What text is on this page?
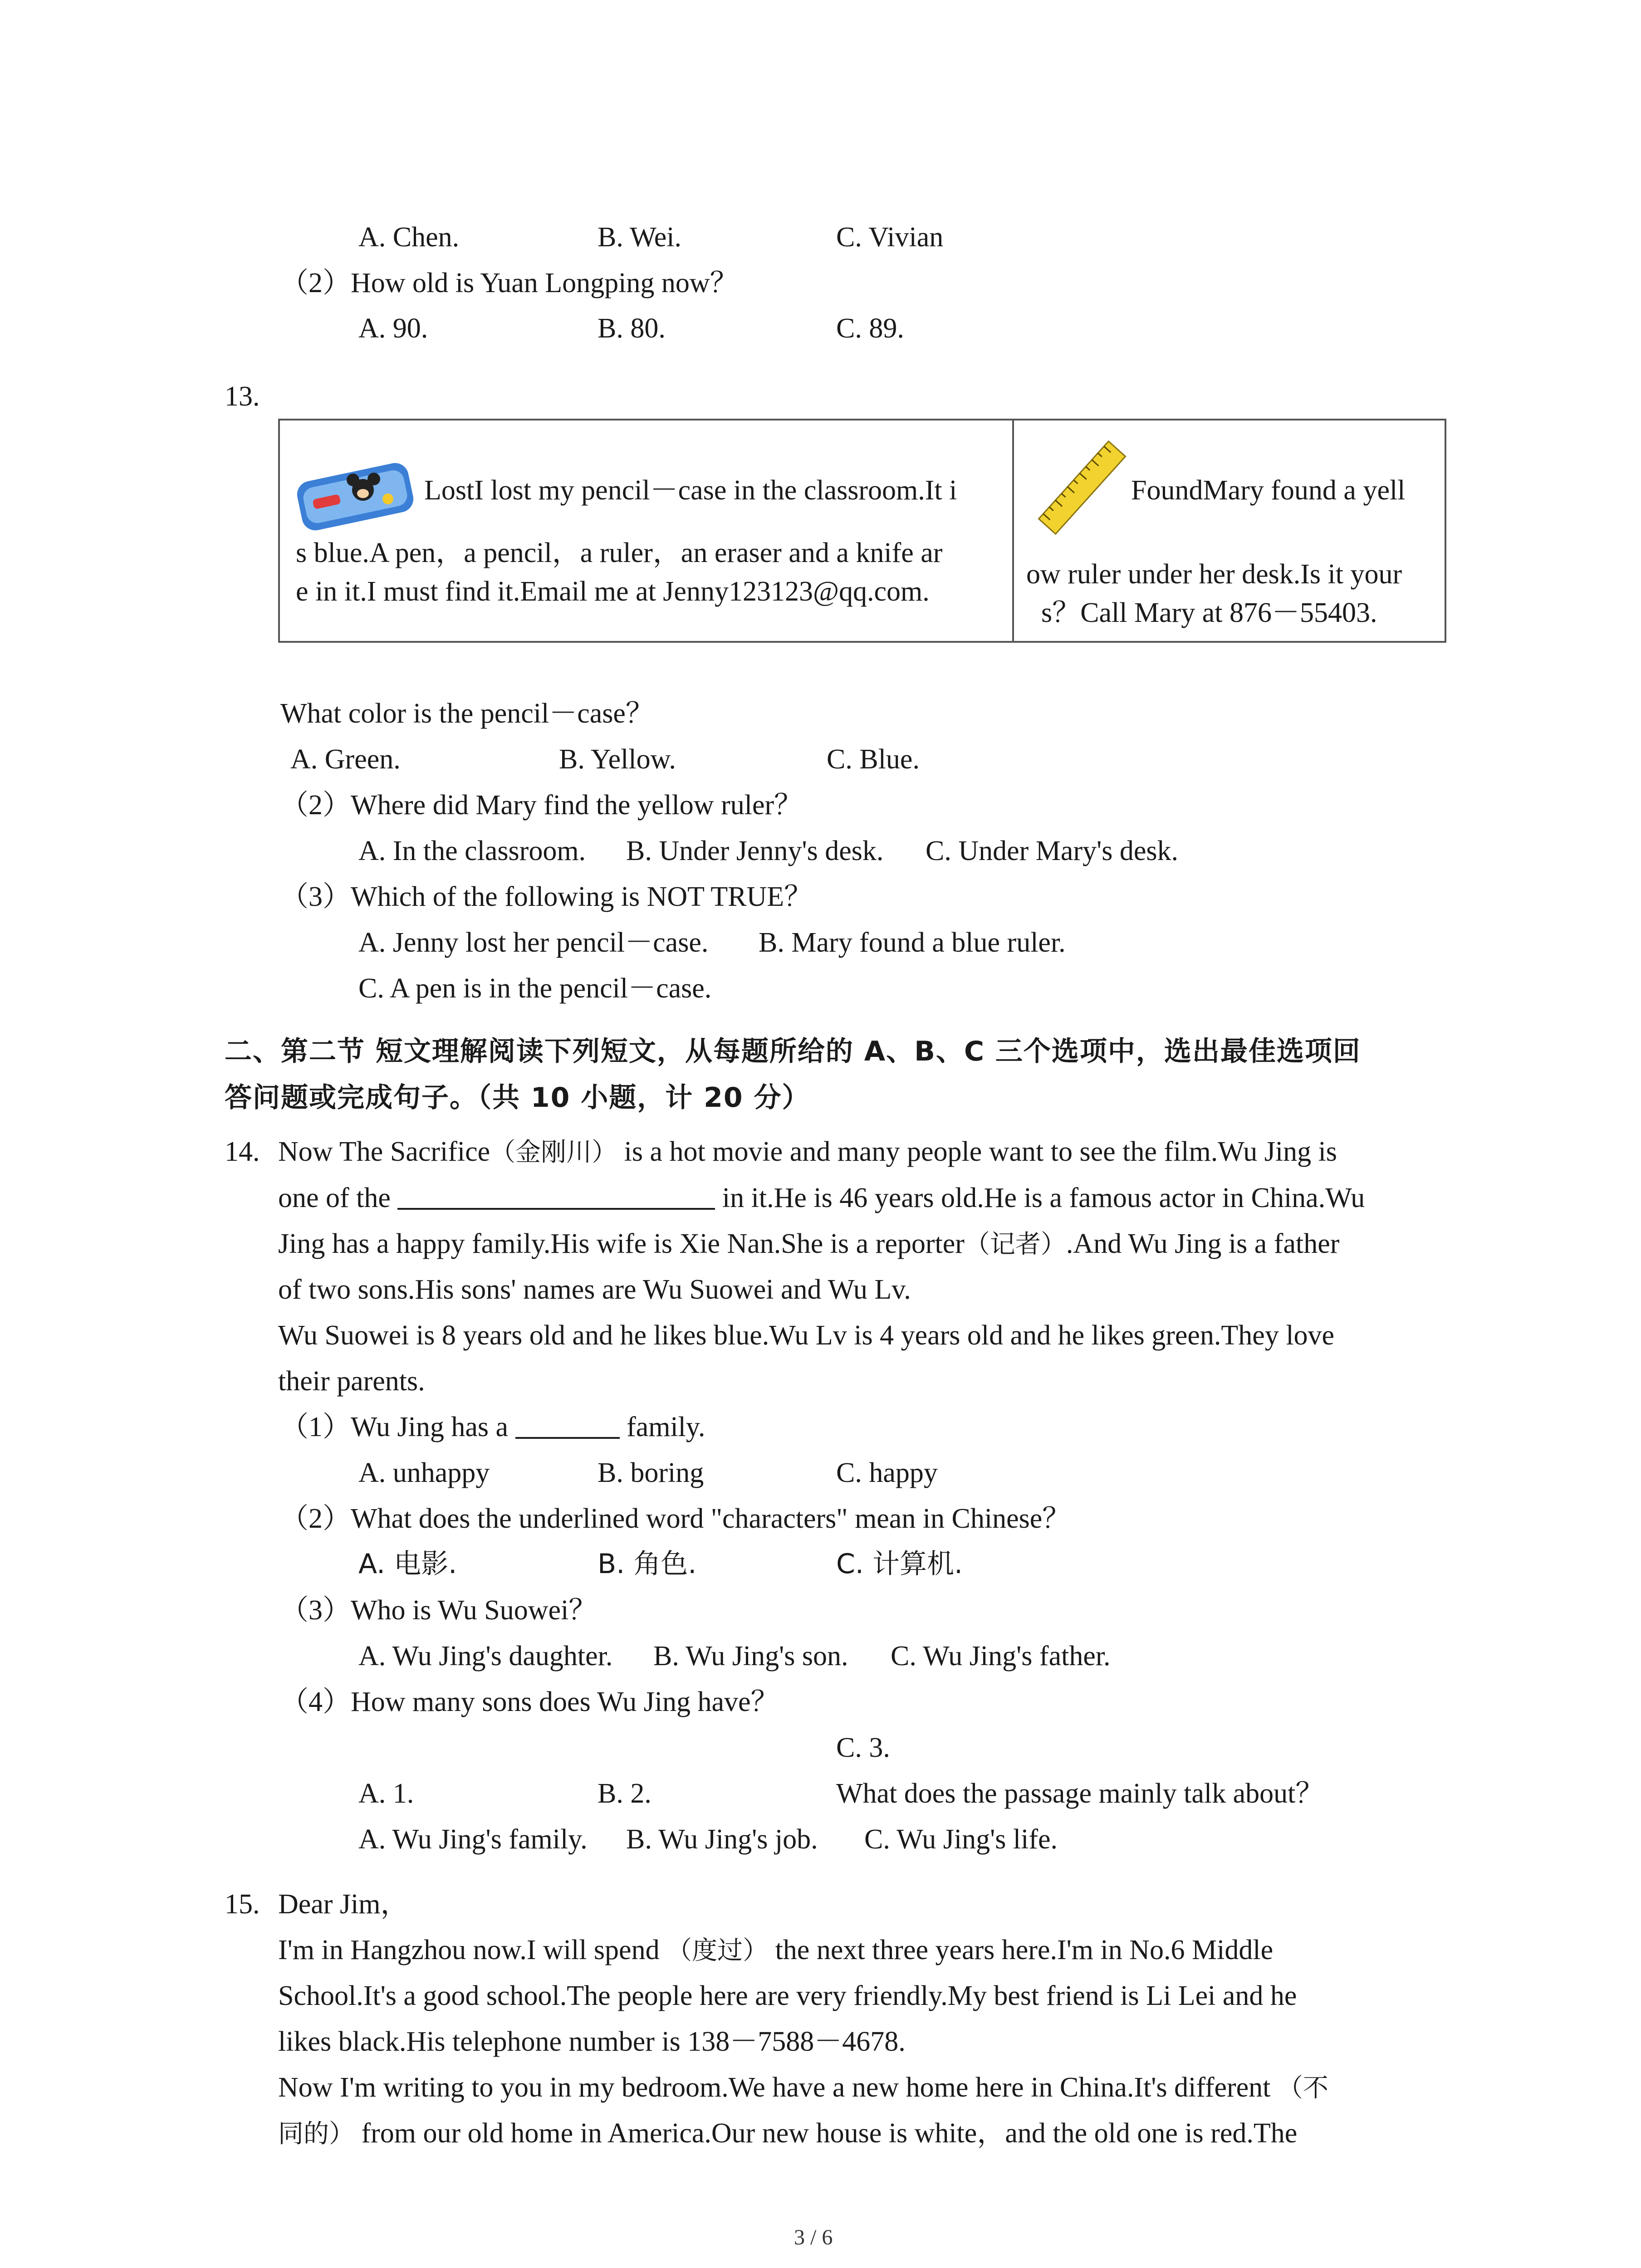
A. Chen.	B. Wei.	C. Vivian
（2）How old is Yuan Longping now？
A. 90.	B. 80.	C. 89.
13.
LostI lost my pencil－case in the classroom.It i
s blue.A pen，a pencil，a ruler，an eraser and a knife ar
e in it.I must find it.Email me at Jenny123123@qq.com.
FoundMary found a yell
ow ruler under her desk.Is it your
s？Call Mary at 876－55403.
What color is the pencil－case？
A. Green.	B. Yellow.	C. Blue.
（2）Where did Mary find the yellow ruler？
A. In the classroom. B. Under Jenny's desk. C. Under Mary's desk.
（3）Which of the following is NOT TRUE？
A. Jenny lost her pencil－case. B. Mary found a blue ruler.
C. A pen is in the pencil－case.
二、第二节 短文理解阅读下列短文，从每题所给的 A、B、C 三个选项中，选出最佳选项回
答问题或完成句子。（共 10 小题，计 20 分）
14. Now The Sacrifice（金刚川） is a hot movie and many people want to see the film.Wu Jing is
one of the	in it.He is 46 years old.He is a famous actor in China.Wu
Jing has a happy family.His wife is Xie Nan.She is a reporter（记者）.And Wu Jing is a father
of two sons.His sons' names are Wu Suowei and Wu Lv.
Wu Suowei is 8 years old and he likes blue.Wu Lv is 4 years old and he likes green.They love
their parents.
（1）Wu Jing has a	family.
A. unhappy	B. boring	C. happy
（2）What does the underlined word "characters" mean in Chinese？
A. 电影.	B. 角色.	C. 计算机.
（3）Who is Wu Suowei？
A. Wu Jing's daughter. B. Wu Jing's son. C. Wu Jing's father.
（4）How many sons does Wu Jing have？
C. 3.
A. 1.	B. 2.	What does the passage mainly talk about？
A. Wu Jing's family. B. Wu Jing's job. C. Wu Jing's life.
15. Dear Jim，
I'm in Hangzhou now.I will spend （度过） the next three years here.I'm in No.6 Middle
School.It's a good school.The people here are very friendly.My best friend is Li Lei and he
likes black.His telephone number is 138－7588－4678.
Now I'm writing to you in my bedroom.We have a new home here in China.It's different （不
同的） from our old home in America.Our new house is white，and the old one is red.The
3 / 6
